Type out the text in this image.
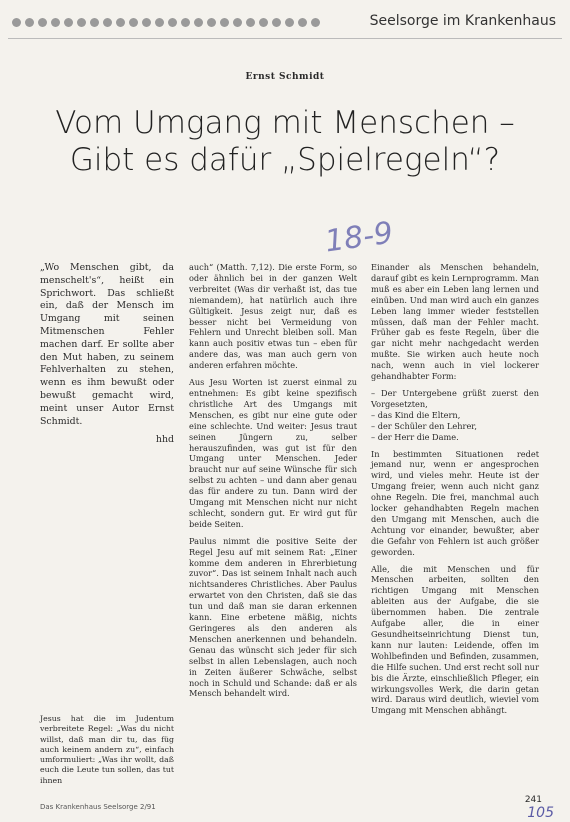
Seelsorge im Krankenhaus
Ernst Schmidt
Vom Umgang mit Menschen –
Gibt es dafür „Spielregeln“?
18-9

„Wo Menschen gibt, da menschelt's“, heißt ein Sprichwort. Das schließt ein, daß der Mensch im Umgang mit seinen Mitmenschen Fehler machen darf. Er sollte aber den Mut haben, zu seinem Fehlverhalten zu stehen, wenn es ihm bewußt oder bewußt gemacht wird, meint unser Autor Ernst Schmidt.

hhd

Jesus hat die im Judentum verbreitete Regel: „Was du nicht willst, daß man dir tu, das füg auch keinem andern zu“, einfach umformuliert: „Was ihr wollt, daß euch die Leute tun sollen, das tut ihnen

auch“ (Matth. 7,12). Die erste Form, so oder ähnlich bei in der ganzen Welt verbreitet (Was dir verhaßt ist, das tue niemandem), hat natürlich auch ihre Gültigkeit. Jesus zeigt nur, daß es besser nicht bei Vermeidung von Fehlern und Unrecht bleiben soll. Man kann auch positiv etwas tun – eben für andere das, was man auch gern von anderen erfahren möchte.

Aus Jesu Worten ist zuerst einmal zu entnehmen: Es gibt keine spezifisch christliche Art des Umgangs mit Menschen, es gibt nur eine gute oder eine schlechte. Und weiter: Jesus traut seinen Jüngern zu, selber herauszufinden, was gut ist für den Umgang unter Menschen. Jeder braucht nur auf seine Wünsche für sich selbst zu achten – und dann aber genau das für andere zu tun. Dann wird der Umgang mit Menschen nicht nur nicht schlecht, sondern gut. Er wird gut für beide Seiten.

Paulus nimmt die positive Seite der Regel Jesu auf mit seinem Rat: „Einer komme dem anderen in Ehrerbietung zuvor“. Das ist seinem Inhalt nach auch nichtsanderes Christliches. Aber Paulus erwartet von den Christen, daß sie das tun und daß man sie daran erkennen kann. Eine erbetene mäßig, nichts Geringeres als den anderen als Menschen anerkennen und behandeln. Genau das wünscht sich jeder für sich selbst in allen Lebenslagen, auch noch in Zeiten äußerer Schwäche, selbst noch in Schuld und Schande: daß er als Mensch behandelt wird.

Einander als Menschen behandeln, darauf gibt es kein Lernprogramm. Man muß es aber ein Leben lang lernen und einüben. Und man wird auch ein ganzes Leben lang immer wieder feststellen müssen, daß man der Fehler macht. Früher gab es feste Regeln, über die gar nicht mehr nachgedacht werden mußte. Sie wirken auch heute noch nach, wenn auch in viel lockerer gehandhabter Form:

– Der Untergebene grüßt zuerst den Vorgesetzten,
– das Kind die Eltern,
– der Schüler den Lehrer,
– der Herr die Dame.

In bestimmten Situationen redet jemand nur, wenn er angesprochen wird, und vieles mehr. Heute ist der Umgang freier, wenn auch nicht ganz ohne Regeln. Die frei, manchmal auch locker gehandhabten Regeln machen den Umgang mit Menschen, auch die Achtung vor einander, bewußter, aber die Gefahr von Fehlern ist auch größer geworden.

Alle, die mit Menschen und für Menschen arbeiten, sollten den richtigen Umgang mit Menschen ableiten aus der Aufgabe, die sie übernommen haben. Die zentrale Aufgabe aller, die in einer Gesundheitseinrichtung Dienst tun, kann nur lauten: Leidende, offen im Wohlbefinden und Befinden, zusammen, die Hilfe suchen. Und erst recht soll nur bis die Ärzte, einschließlich Pfleger, ein wirkungsvolles Werk, die darin getan wird. Daraus wird deutlich, wieviel vom Umgang mit Menschen abhängt.

Das Krankenhaus Seelsorge 2/91
241
105
